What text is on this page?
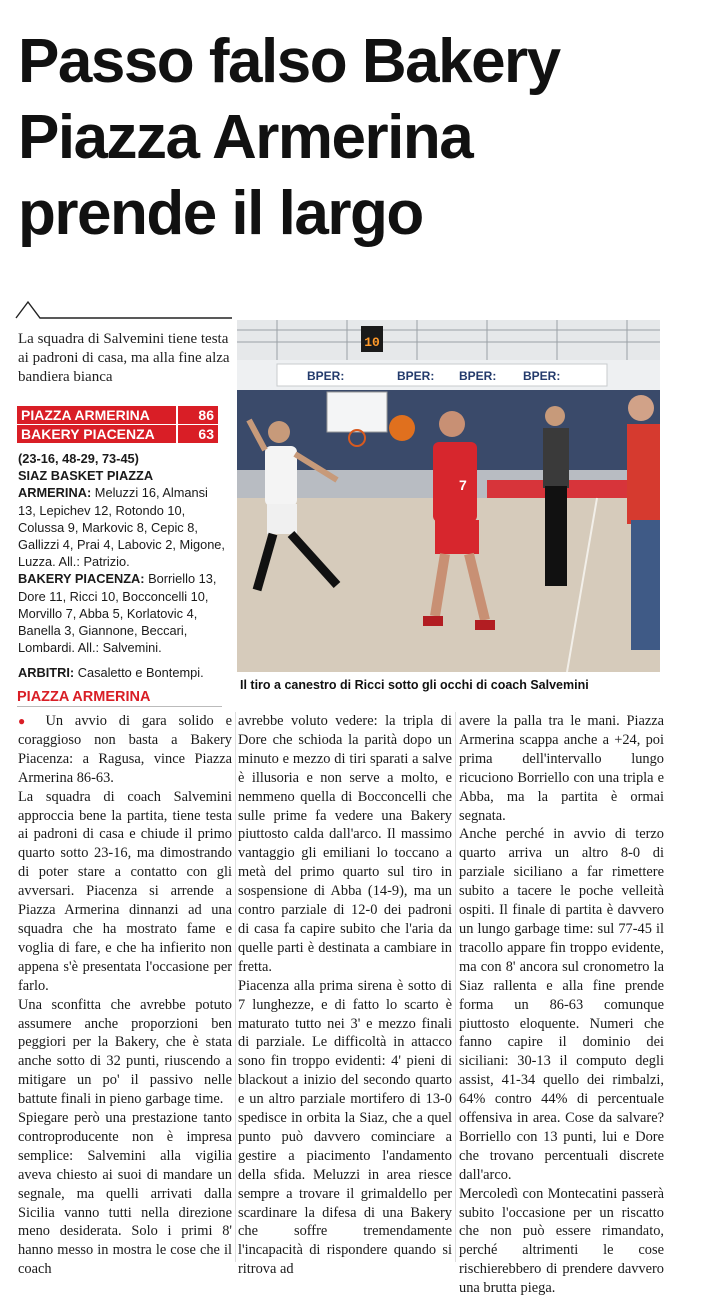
Passo falso Bakery
Piazza Armerina
prende il largo
La squadra di Salvemini tiene testa ai padroni di casa, ma alla fine alza bandiera bianca
PIAZZA ARMERINA	86
BAKERY PIACENZA	63

(23-16, 48-29, 73-45)

SIAZ BASKET PIAZZA ARMERINA: Meluzzi 16, Almansi 13, Lepichev 12, Rotondo 10, Colussa 9, Markovic 8, Cepic 8, Gallizzi 4, Prai 4, Labovic 2, Migone, Luzza. All.: Patrizio.

BAKERY PIACENZA: Borriello 13, Dore 11, Ricci 10, Bocconcelli 10, Morvillo 7, Abba 5, Korlatovic 4, Banella 3, Giannone, Beccari, Lombardi. All.: Salvemini.

ARBITRI: Casaletto e Bontempi.

10
BPER:	BPER: BPER: BPER:
7
Il tiro a canestro di Ricci sotto gli occhi di coach Salvemini
PIAZZA ARMERINA

● Un avvio di gara solido e coraggioso non basta a Bakery Piacenza: a Ragusa, vince Piazza Armerina 86-63.

La squadra di coach Salvemini approccia bene la partita, tiene testa ai padroni di casa e chiude il primo quarto sotto 23-16, ma dimostrando di poter stare a contatto con gli avversari. Piacenza si arrende a Piazza Armerina dinnanzi ad una squadra che ha mostrato fame e voglia di fare, e che ha infierito non appena s'è presentata l'occasione per farlo.

Una sconfitta che avrebbe potuto assumere anche proporzioni ben peggiori per la Bakery, che è stata anche sotto di 32 punti, riuscendo a mitigare un po' il passivo nelle battute finali in pieno garbage time.

Spiegare però una prestazione tanto controproducente non è impresa semplice: Salvemini alla vigilia aveva chiesto ai suoi di mandare un segnale, ma quelli arrivati dalla Sicilia vanno tutti nella direzione meno desiderata. Solo i primi 8' hanno messo in mostra le cose che il coach

avrebbe voluto vedere: la tripla di Dore che schioda la parità dopo un minuto e mezzo di tiri sparati a salve è illusoria e non serve a molto, e nemmeno quella di Bocconcelli che sulle prime fa vedere una Bakery piuttosto calda dall'arco. Il massimo vantaggio gli emiliani lo toccano a metà del primo quarto sul tiro in sospensione di Abba (14-9), ma un contro parziale di 12-0 dei padroni di casa fa capire subito che l'aria da quelle parti è destinata a cambiare in fretta.

Piacenza alla prima sirena è sotto di 7 lunghezze, e di fatto lo scarto è maturato tutto nei 3' e mezzo finali di parziale. Le difficoltà in attacco sono fin troppo evidenti: 4' pieni di blackout a inizio del secondo quarto e un altro parziale mortifero di 13-0 spedisce in orbita la Siaz, che a quel punto può davvero cominciare a gestire a piacimento l'andamento della sfida. Meluzzi in area riesce sempre a trovare il grimaldello per scardinare la difesa di una Bakery che soffre tremendamente l'incapacità di rispondere quando si ritrova ad

avere la palla tra le mani. Piazza Armerina scappa anche a +24, poi prima dell'intervallo lungo ricuciono Borriello con una tripla e Abba, ma la partita è ormai segnata.

Anche perché in avvio di terzo quarto arriva un altro 8-0 di parziale siciliano a far rimettere subito a tacere le poche velleità ospiti. Il finale di partita è davvero un lungo garbage time: sul 77-45 il tracollo appare fin troppo evidente, ma con 8' ancora sul cronometro la Siaz rallenta e alla fine prende forma un 86-63 comunque piuttosto eloquente. Numeri che fanno capire il dominio dei siciliani: 30-13 il computo degli assist, 41-34 quello dei rimbalzi, 64% contro 44% di percentuale offensiva in area. Cose da salvare? Borriello con 13 punti, lui e Dore che trovano percentuali discrete dall'arco.

Mercoledì con Montecatini passerà subito l'occasione per un riscatto che non può essere rimandato, perché altrimenti le cose rischierebbero di prendere davvero una brutta piega.
